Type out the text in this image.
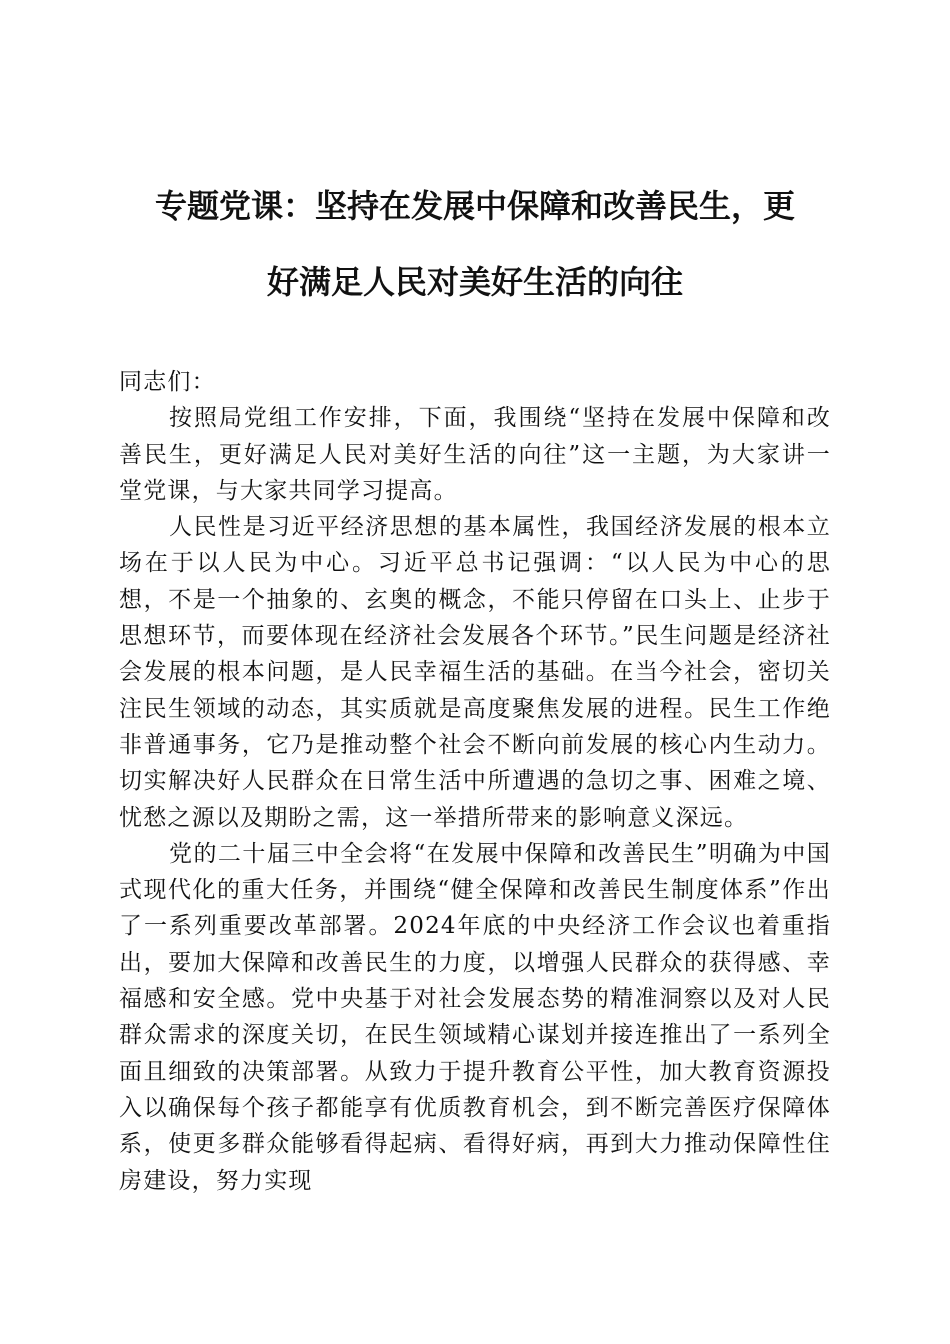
专题党课：坚持在发展中保障和改善民生，更
好满足人民对美好生活的向往

同志们：

按照局党组工作安排，下面，我围绕“坚持在发展中保障和改善民生，更好满足人民对美好生活的向往”这一主题，为大家讲一堂党课，与大家共同学习提高。

人民性是习近平经济思想的基本属性，我国经济发展的根本立场在于以人民为中心。习近平总书记强调：“以人民为中心的思想，不是一个抽象的、玄奥的概念，不能只停留在口头上、止步于思想环节，而要体现在经济社会发展各个环节。”民生问题是经济社会发展的根本问题，是人民幸福生活的基础。在当今社会，密切关注民生领域的动态，其实质就是高度聚焦发展的进程。民生工作绝非普通事务，它乃是推动整个社会不断向前发展的核心内生动力。切实解决好人民群众在日常生活中所遭遇的急切之事、困难之境、忧愁之源以及期盼之需，这一举措所带来的影响意义深远。

党的二十届三中全会将“在发展中保障和改善民生”明确为中国式现代化的重大任务，并围绕“健全保障和改善民生制度体系”作出了一系列重要改革部署。2024年底的中央经济工作会议也着重指出，要加大保障和改善民生的力度，以增强人民群众的获得感、幸福感和安全感。党中央基于对社会发展态势的精准洞察以及对人民群众需求的深度关切，在民生领域精心谋划并接连推出了一系列全面且细致的决策部署。从致力于提升教育公平性，加大教育资源投入以确保每个孩子都能享有优质教育机会，到不断完善医疗保障体系，使更多群众能够看得起病、看得好病，再到大力推动保障性住房建设，努力实现
